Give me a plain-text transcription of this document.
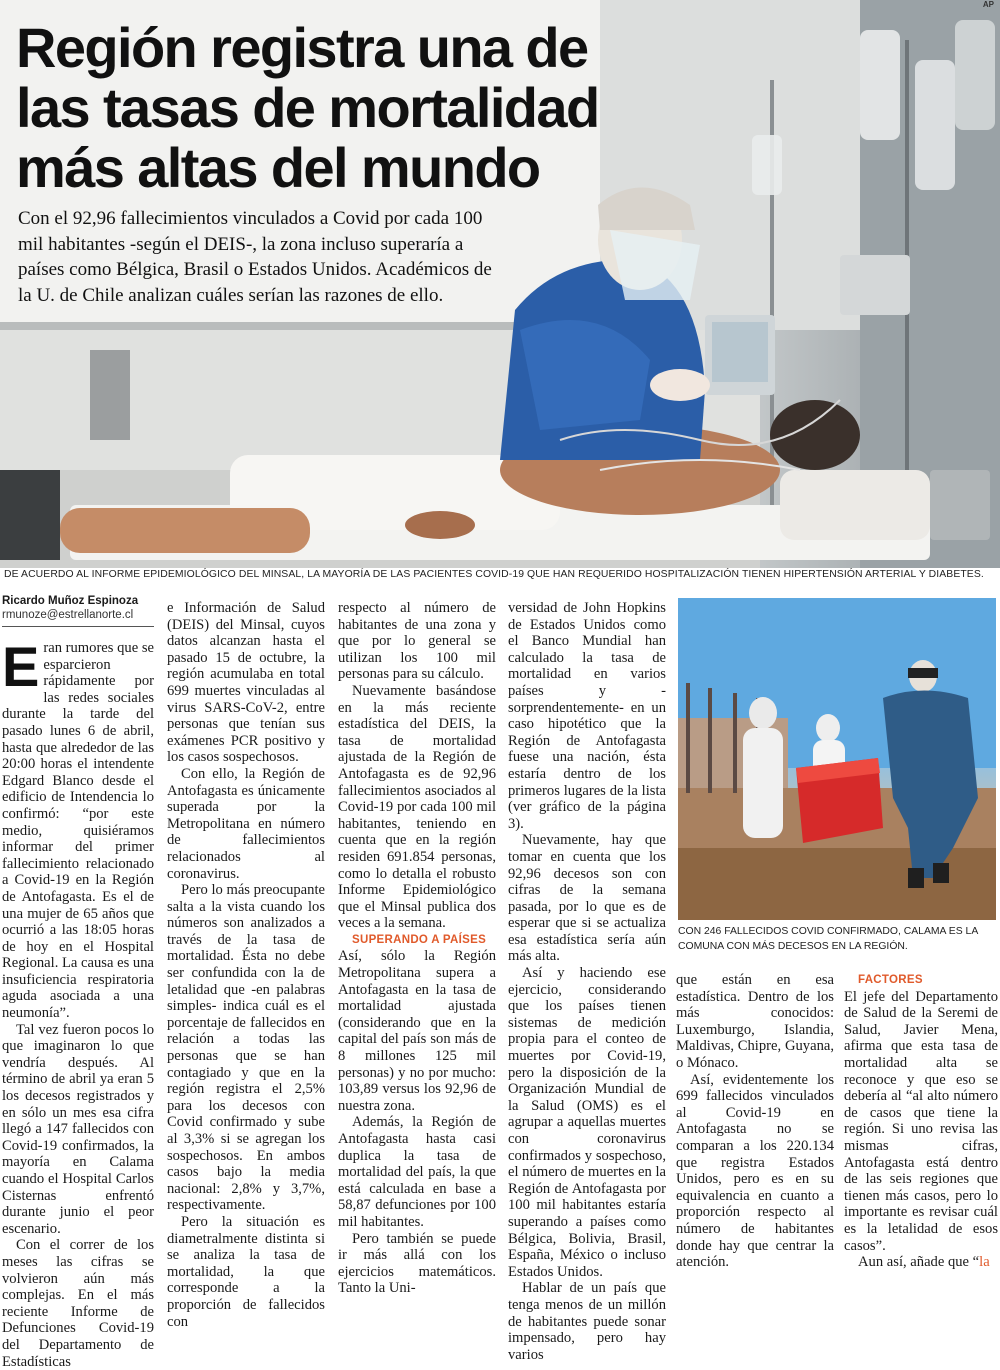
AP
Región registra una de las tasas de mortalidad más altas del mundo

Con el 92,96 fallecimientos vinculados a Covid por cada 100 mil habitantes -según el DEIS-, la zona incluso superaría a países como Bélgica, Brasil o Estados Unidos. Académicos de la U. de Chile analizan cuáles serían las razones de ello.

DE ACUERDO AL INFORME EPIDEMIOLÓGICO DEL MINSAL, LA MAYORÍA DE LAS PACIENTES COVID-19 QUE HAN REQUERIDO HOSPITALIZACIÓN TIENEN HIPERTENSIÓN ARTERIAL Y DIABETES.

Ricardo Muñoz Espinoza
rmunoze@estrellanorte.cl

Eran rumores que se esparcieron rápidamente por las redes sociales durante la tarde del pasado lunes 6 de abril, hasta que alrededor de las 20:00 horas el intendente Edgard Blanco desde el edificio de Intendencia lo confirmó: “por este medio, quisiéramos informar del primer fallecimiento relacionado a Covid-19 en la Región de Antofagasta. Es el de una mujer de 65 años que ocurrió a las 18:05 horas de hoy en el Hospital Regional. La causa es una insuficiencia respiratoria aguda asociada a una neumonía”.

Tal vez fueron pocos lo que imaginaron lo que vendría después. Al término de abril ya eran 5 los decesos registrados y en sólo un mes esa cifra llegó a 147 fallecidos con Covid-19 confirmados, la mayoría en Calama cuando el Hospital Carlos Cisternas enfrentó durante junio el peor escenario.

Con el correr de los meses las cifras se volvieron aún más complejas. En el más reciente Informe de Defunciones Covid-19 del Departamento de Estadísticas

e Información de Salud (DEIS) del Minsal, cuyos datos alcanzan hasta el pasado 15 de octubre, la región acumulaba en total 699 muertes vinculadas al virus SARS-CoV-2, entre personas que tenían sus exámenes PCR positivo y los casos sospechosos.

Con ello, la Región de Antofagasta es únicamente superada por la Metropolitana en número de fallecimientos relacionados al coronavirus.

Pero lo más preocupante salta a la vista cuando los números son analizados a través de la tasa de mortalidad. Ésta no debe ser confundida con la de letalidad que -en palabras simples- indica cuál es el porcentaje de fallecidos en relación a todas las personas que se han contagiado y que en la región registra el 2,5% para los decesos con Covid confirmado y sube al 3,3% si se agregan los sospechosos. En ambos casos bajo la media nacional: 2,8% y 3,7%, respectivamente.

Pero la situación es diametralmente distinta si se analiza la tasa de mortalidad, la que corresponde a la proporción de fallecidos con

respecto al número de habitantes de una zona y que por lo general se utilizan los 100 mil personas para su cálculo.

Nuevamente basándose en la más reciente estadística del DEIS, la tasa de mortalidad ajustada de la Región de Antofagasta es de 92,96 fallecimientos asociados al Covid-19 por cada 100 mil habitantes, teniendo en cuenta que en la región residen 691.854 personas, como lo detalla el robusto Informe Epidemiológico que el Minsal publica dos veces a la semana.

SUPERANDO A PAÍSES

Así, sólo la Región Metropolitana supera a Antofagasta en la tasa de mortalidad ajustada (considerando que en la capital del país son más de 8 millones 125 mil personas) y no por mucho: 103,89 versus los 92,96 de nuestra zona.

Además, la Región de Antofagasta hasta casi duplica la tasa de mortalidad del país, la que está calculada en base a 58,87 defunciones por 100 mil habitantes.

Pero también se puede ir más allá con los ejercicios matemáticos. Tanto la Uni-

versidad de John Hopkins de Estados Unidos como el Banco Mundial han calculado la tasa de mortalidad en varios países y -sorprendentemente- en un caso hipotético que la Región de Antofagasta fuese una nación, ésta estaría dentro de los primeros lugares de la lista (ver gráfico de la página 3).

Nuevamente, hay que tomar en cuenta que los 92,96 decesos son con cifras de la semana pasada, por lo que es de esperar que si se actualiza esa estadística sería aún más alta.

Así y haciendo ese ejercicio, considerando que los países tienen sistemas de medición propia para el conteo de muertes por Covid-19, pero la disposición de la Organización Mundial de la Salud (OMS) es el agrupar a aquellas muertes con coronavirus confirmados y sospechoso, el número de muertes en la Región de Antofagasta por 100 mil habitantes estaría superando a países como Bélgica, Bolivia, Brasil, España, México o incluso Estados Unidos.

Hablar de un país que tenga menos de un millón de habitantes puede sonar impensado, pero hay varios

CON 246 FALLECIDOS COVID CONFIRMADO, CALAMA ES LA COMUNA CON MÁS DECESOS EN LA REGIÓN.

que están en esa estadística. Dentro de los más conocidos: Luxemburgo, Islandia, Maldivas, Chipre, Guyana, o Mónaco.

Así, evidentemente los 699 fallecidos vinculados al Covid-19 en Antofagasta no se comparan a los 220.134 que registra Estados Unidos, pero es en su equivalencia en cuanto a proporción respecto al número de habitantes donde hay que centrar la atención.

FACTORES

El jefe del Departamento de Salud de la Seremi de Salud, Javier Mena, afirma que esta tasa de mortalidad alta se reconoce y que eso se debería al “al alto número de casos que tiene la región. Si uno revisa las mismas cifras, Antofagasta está dentro de las seis regiones que tienen más casos, pero lo importante es revisar cuál es la letalidad de esos casos”.

Aun así, añade que “la
